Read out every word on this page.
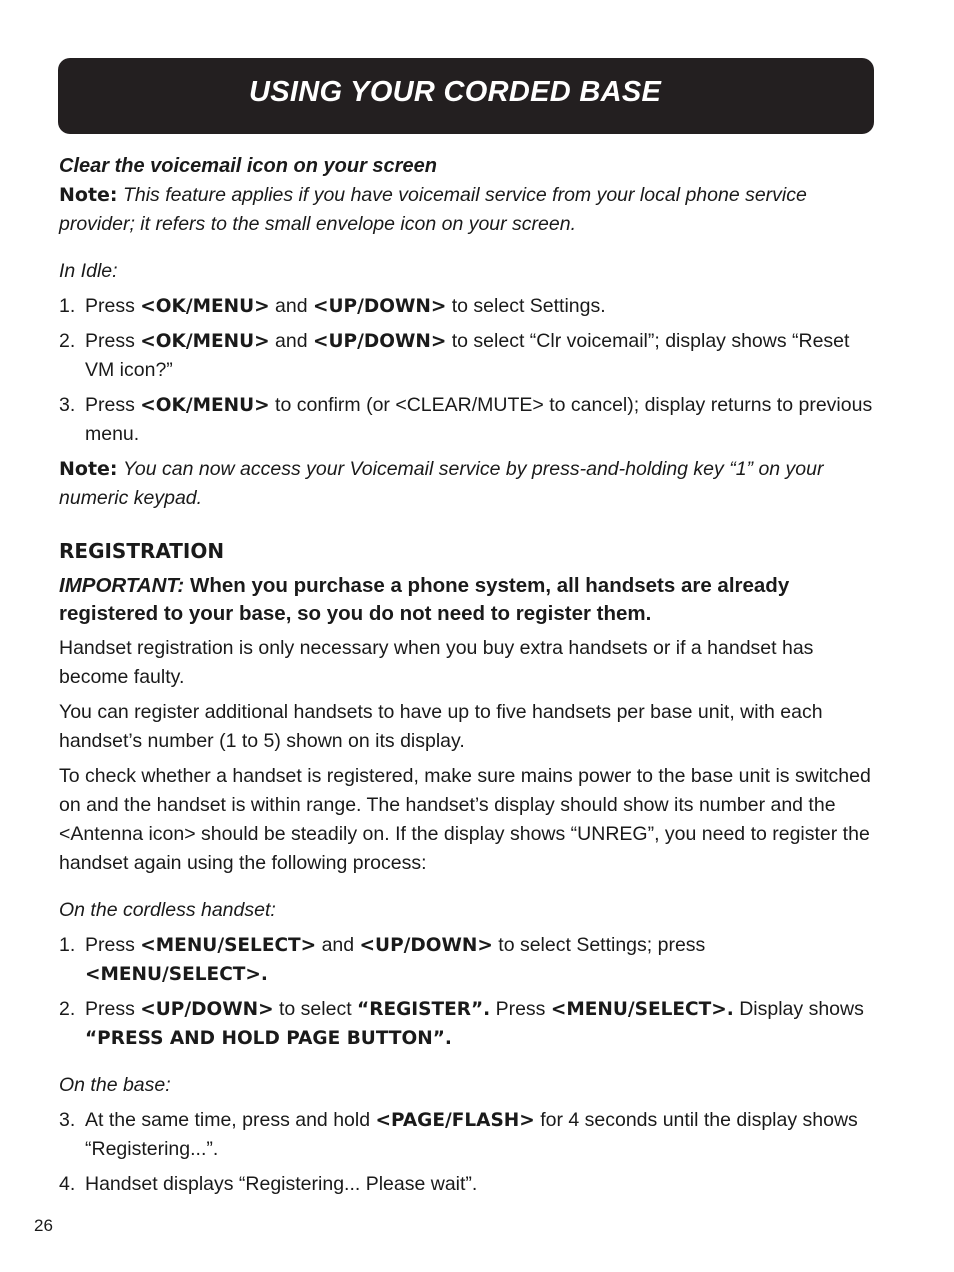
USING YOUR CORDED BASE

Clear the voicemail icon on your screen

Note: This feature applies if you have voicemail service from your local phone service provider; it refers to the small envelope icon on your screen.

In Idle:

1. Press <OK/MENU> and <UP/DOWN> to select Settings.
2. Press <OK/MENU> and <UP/DOWN> to select “Clr voicemail”; display shows “Reset VM icon?”
3. Press <OK/MENU> to confirm (or <CLEAR/MUTE> to cancel); display returns to previous menu.

Note: You can now access your Voicemail service by press-and-holding key “1” on your numeric keypad.

REGISTRATION

IMPORTANT: When you purchase a phone system, all handsets are already registered to your base, so you do not need to register them.

Handset registration is only necessary when you buy extra handsets or if a handset has become faulty.

You can register additional handsets to have up to five handsets per base unit, with each handset’s number (1 to 5) shown on its display.

To check whether a handset is registered, make sure mains power to the base unit is switched on and the handset is within range. The handset’s display should show its number and the <Antenna icon> should be steadily on. If the display shows “UNREG”, you need to register the handset again using the following process:

On the cordless handset:

1. Press <MENU/SELECT> and <UP/DOWN> to select Settings; press <MENU/SELECT>.
2. Press <UP/DOWN> to select “REGISTER”. Press <MENU/SELECT>. Display shows “PRESS AND HOLD PAGE BUTTON”.

On the base:

3. At the same time, press and hold <PAGE/FLASH> for 4 seconds until the display shows “Registering...”.
4. Handset displays “Registering... Please wait”.
26
